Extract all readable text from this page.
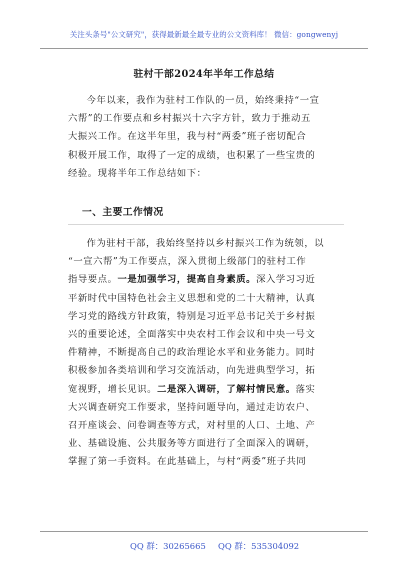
关注头条号"公文研究"，获得最新最全最专业的公文资料库！ 微信：gongwenyj
驻村干部2024年半年工作总结

今年以来，我作为驻村工作队的一员，始终秉持“一宣
六帮”的工作要点和乡村振兴十六字方针，致力于推动五
大振兴工作。在这半年里，我与村“两委”班子密切配合
积极开展工作，取得了一定的成绩，也积累了一些宝贵的
经验。现将半年工作总结如下：

一、主要工作情况

作为驻村干部，我始终坚持以乡村振兴工作为统领，以
“一宣六帮”为工作要点，深入贯彻上级部门的驻村工作
指导要点。一是加强学习，提高自身素质。深入学习习近
平新时代中国特色社会主义思想和党的二十大精神，认真
学习党的路线方针政策，特别是习近平总书记关于乡村振
兴的重要论述，全面落实中央农村工作会议和中央一号文
件精神，不断提高自己的政治理论水平和业务能力。同时
积极参加各类培训和学习交流活动，向先进典型学习，拓
宽视野，增长见识。二是深入调研，了解村情民意。落实
大兴调查研究工作要求，坚持问题导向，通过走访农户、
召开座谈会、问卷调查等方式，对村里的人口、土地、产
业、基础设施、公共服务等方面进行了全面深入的调研，
掌握了第一手资料。在此基础上，与村“两委”班子共同

QQ 群：30265665 QQ 群：535304092
